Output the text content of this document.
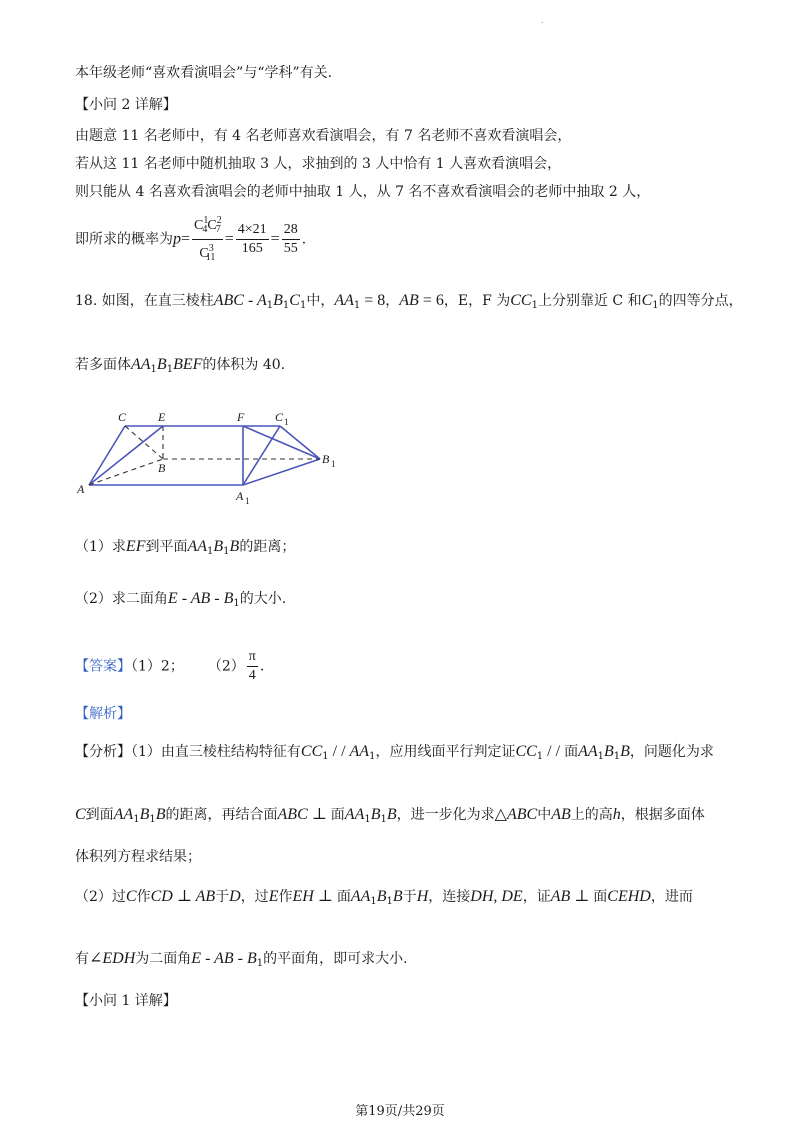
.
本年级老师“喜欢看演唱会”与“学科”有关.
【小问 2 详解】
由题意 11 名老师中，有 4 名老师喜欢看演唱会，有 7 名老师不喜欢看演唱会，
若从这 11 名老师中随机抽取 3 人，求抽到的 3 人中恰有 1 人喜欢看演唱会，
则只能从 4 名喜欢看演唱会的老师中抽取 1 人，从 7 名不喜欢看演唱会的老师中抽取 2 人，
即所求的概率为$p= \frac{C^1_4C^2_7}{C^3_{11}} = \frac{4\times 21}{165} = \frac{28}{55}$ .
18. 如图，在直三棱柱ABC - $A_1B_1C_1$中，$AA_1 = 8$，AB = 6，E，F 为$CC_1$上分别靠近 C 和$C_1$的四等分点，
若多面体$AA_1B_1BEF$的体积为 40.
C	E	F	C 1
B
B 1
A	A 1
（1）求EF到平面$AA_1B_1B$的距离；
（2）求二面角E - AB - $B_1$的大小.
【答案】（1）2； $(2) \frac{\pi}{4}$ .
【解析】
【分析】（1）由直三棱柱结构特征有$CC_1$ / / $AA_1$，应用线面平行判定证$CC_1$ / / 面$AA_1B_1B$，问题化为求
C到面$AA_1B_1B$的距离，再结合面ABC ⊥ 面$AA_1B_1B$，进一步化为求△ABC中AB上的高h，根据多面体
体积列方程求结果；
（2）过C作CD ⊥ AB于D，过E作EH ⊥ 面$AA_1B_1B$于H，连接DH, DE，证AB ⊥ 面CEHD，进而
有∠EDH为二面角E - AB - $B_1$的平面角，即可求大小.
【小问 1 详解】
第19页/共29页
